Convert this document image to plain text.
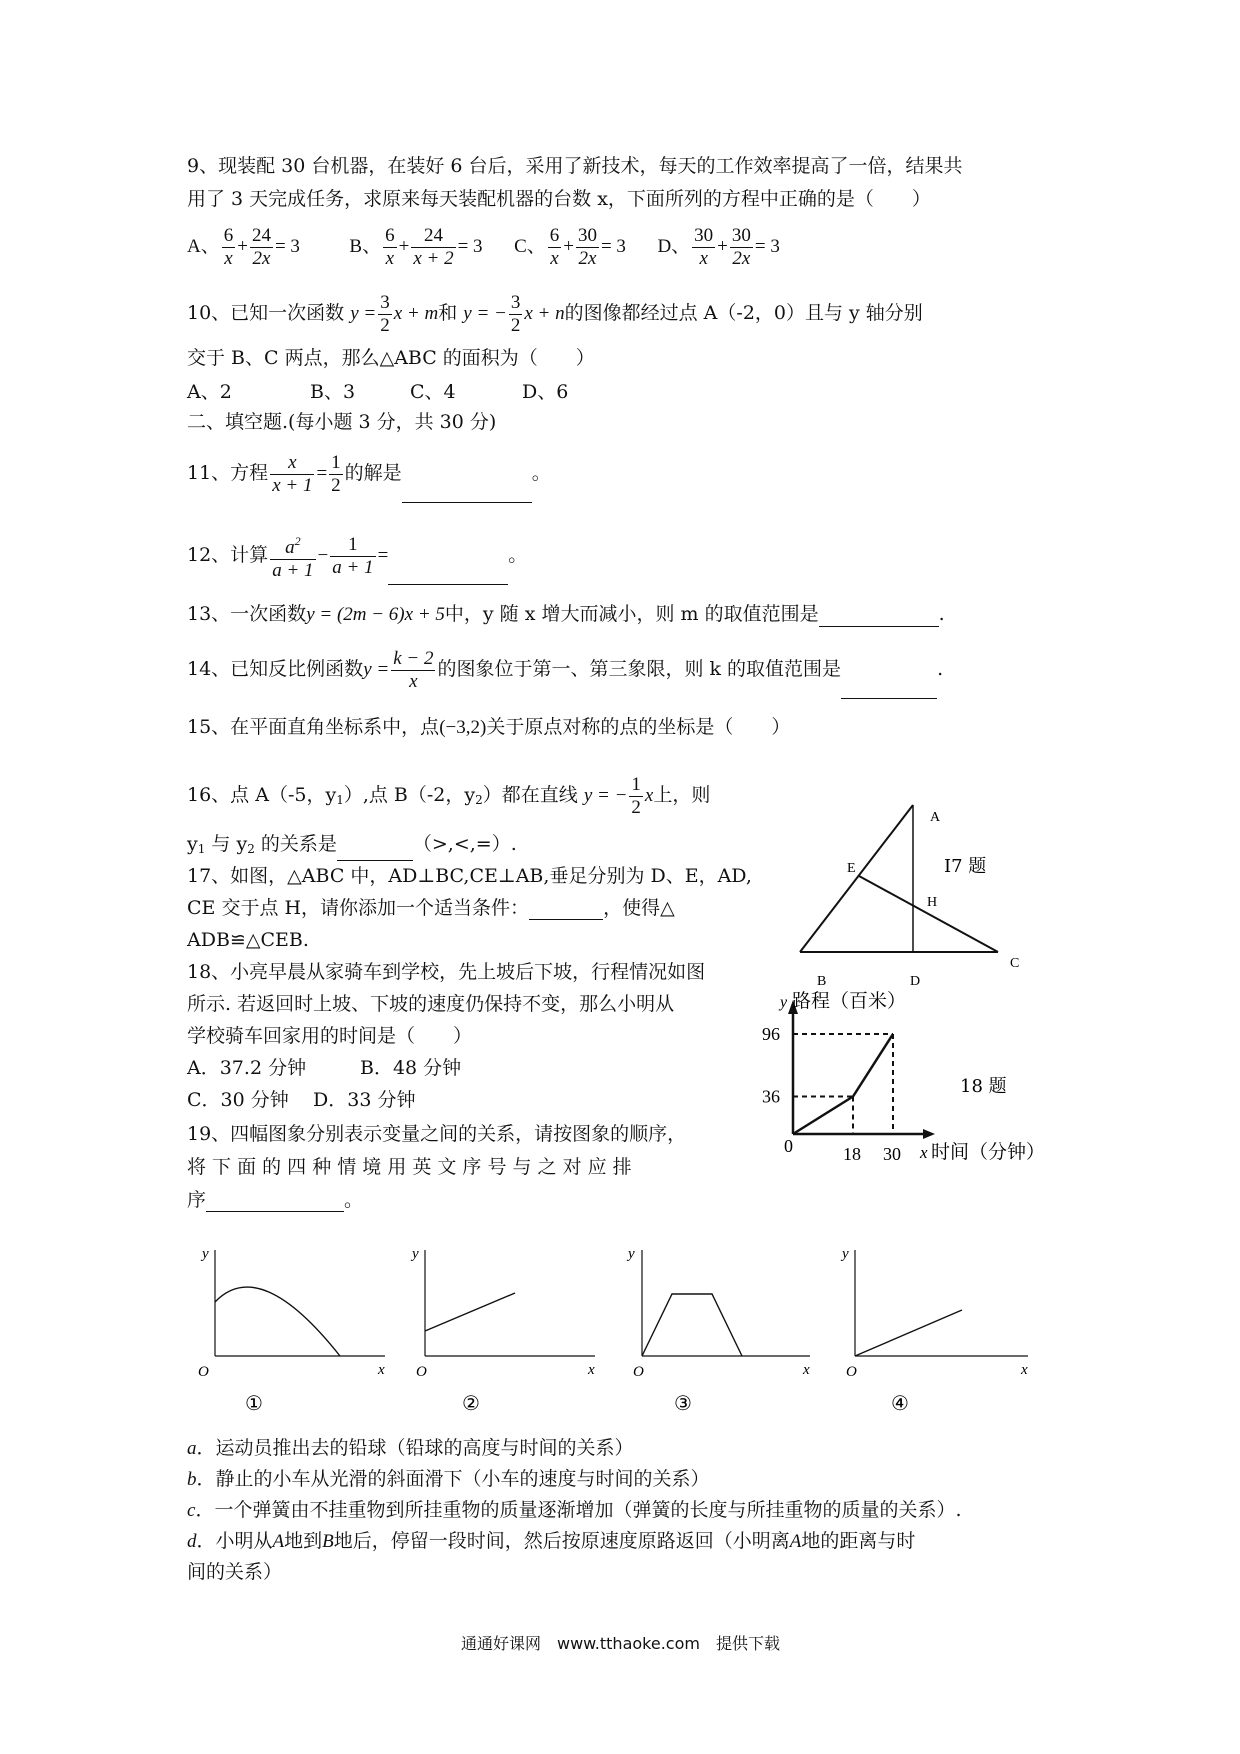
9、现装配 30 台机器，在装好 6 台后，采用了新技术，每天的工作效率提高了一倍，结果共
用了 3 天完成任务，求原来每天装配机器的台数 x，下面所列的方程中正确的是（　　）
A、 $\frac{6}{x} + \frac{24}{2x} = 3$	B、 $\frac{6}{x} + \frac{24}{x + 2} = 3$ C、 $\frac{6}{x} + \frac{30}{2x} = 3$ D、 $\frac{30}{x} + \frac{30}{2x} = 3$
10、已知一次函数 $y = \frac{3}{2}$ x + m和 y = − $\frac{3}{2}$ x + n的图像都经过点 A（-2，0）且与 y 轴分别
交于 B、C 两点，那么△ABC 的面积为（　　）
A、2	B、3	C、4	D、6
二、填空题.(每小题 3 分，共 30 分)
11、方程 $\frac{x}{x + 1} = \frac{1}{2}$ 的解是	。
12、计算 $\frac{a^2}{a + 1} - \frac{1}{a + 1}$ =	。
13、一次函数y = (2m − 6)x + 5中，y 随 x 增大而减小，则 m 的取值范围是	.
14、已知反比例函数$y = \frac{k - 2}{x}$ 的图象位于第一、第三象限，则 k 的取值范围是	.
15、在平面直角坐标系中，点(−3,2)关于原点对称的点的坐标是（　　）
16、点 A（-5，$y_1$）,点 B（-2，$y_2$）都在直线 y = − $\frac{1}{2}$ x上，则
$y_1$ 与 $y_2$ 的关系是	（>,<,=）.
17、如图，△ABC 中，AD⊥BC,CE⊥AB,垂足分别为 D、E，AD,
CE 交于点 H，请你添加一个适当条件：	，使得△
ADB≌△CEB.
A
B
C
D
E
H
I7 题
18、小亮早晨从家骑车到学校，先上坡后下坡，行程情况如图
所示. 若返回时上坡、下坡的速度仍保持不变，那么小明从
学校骑车回家用的时间是（　　）
A．37.2 分钟	B．48 分钟
C．30 分钟 D．33 分钟
y 路程（百米）
x 时间（分钟）
0	18 30
36
96
18 题
19、四幅图象分别表示变量之间的关系，请按图象的顺序，
将 下 面 的 四 种 情 境 用 英 文 序 号 与 之 对 应 排
序	。
y
x
O
①
y
x
O
②
y
x
O
③
y
x
O
④
a．运动员推出去的铅球（铅球的高度与时间的关系）
b．静止的小车从光滑的斜面滑下（小车的速度与时间的关系）
c．一个弹簧由不挂重物到所挂重物的质量逐渐增加（弹簧的长度与所挂重物的质量的关系）.
d．小明从A地到B地后，停留一段时间，然后按原速度原路返回（小明离A地的距离与时
间的关系）
通通好课网　www.tthaoke.com　提供下载
